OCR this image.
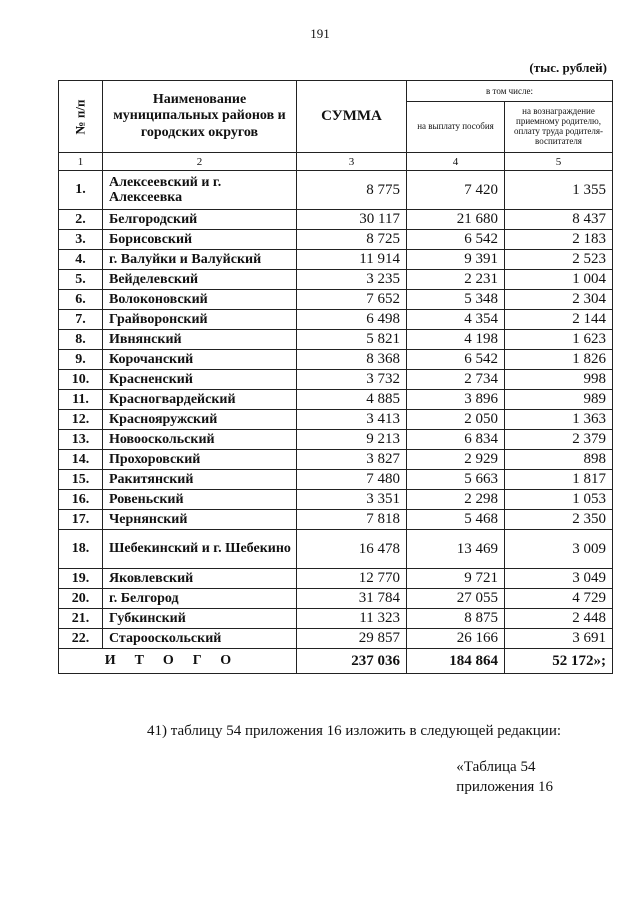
191
(тыс. рублей)
№ п/п	Наименование муниципальных районов и городских округов	СУММА	в том числе:	
			на выплату пособия	на вознаграждение приемному родителю, оплату труда родителя-воспитателя
1	2	3	4	5
1.	Алексеевский и г. Алексеевка	8 775	7 420	1 355
2.	Белгородский	30 117	21 680	8 437
3.	Борисовский	8 725	6 542	2 183
4.	г. Валуйки и Валуйский	11 914	9 391	2 523
5.	Вейделевский	3 235	2 231	1 004
6.	Волоконовский	7 652	5 348	2 304
7.	Грайворонский	6 498	4 354	2 144
8.	Ивнянский	5 821	4 198	1 623
9.	Корочанский	8 368	6 542	1 826
10.	Красненский	3 732	2 734	998
11.	Красногвардейский	4 885	3 896	989
12.	Краснояружский	3 413	2 050	1 363
13.	Новооскольский	9 213	6 834	2 379
14.	Прохоровский	3 827	2 929	898
15.	Ракитянский	7 480	5 663	1 817
16.	Ровеньский	3 351	2 298	1 053
17.	Чернянский	7 818	5 468	2 350
18.	Шебекинский и г. Шебекино	16 478	13 469	3 009
19.	Яковлевский	12 770	9 721	3 049
20.	г. Белгород	31 784	27 055	4 729
21.	Губкинский	11 323	8 875	2 448
22.	Старооскольский	29 857	26 166	3 691
ИТОГО		237 036	184 864	52 172»;
41) таблицу 54 приложения 16 изложить в следующей редакции:
«Таблица 54
приложения 16
